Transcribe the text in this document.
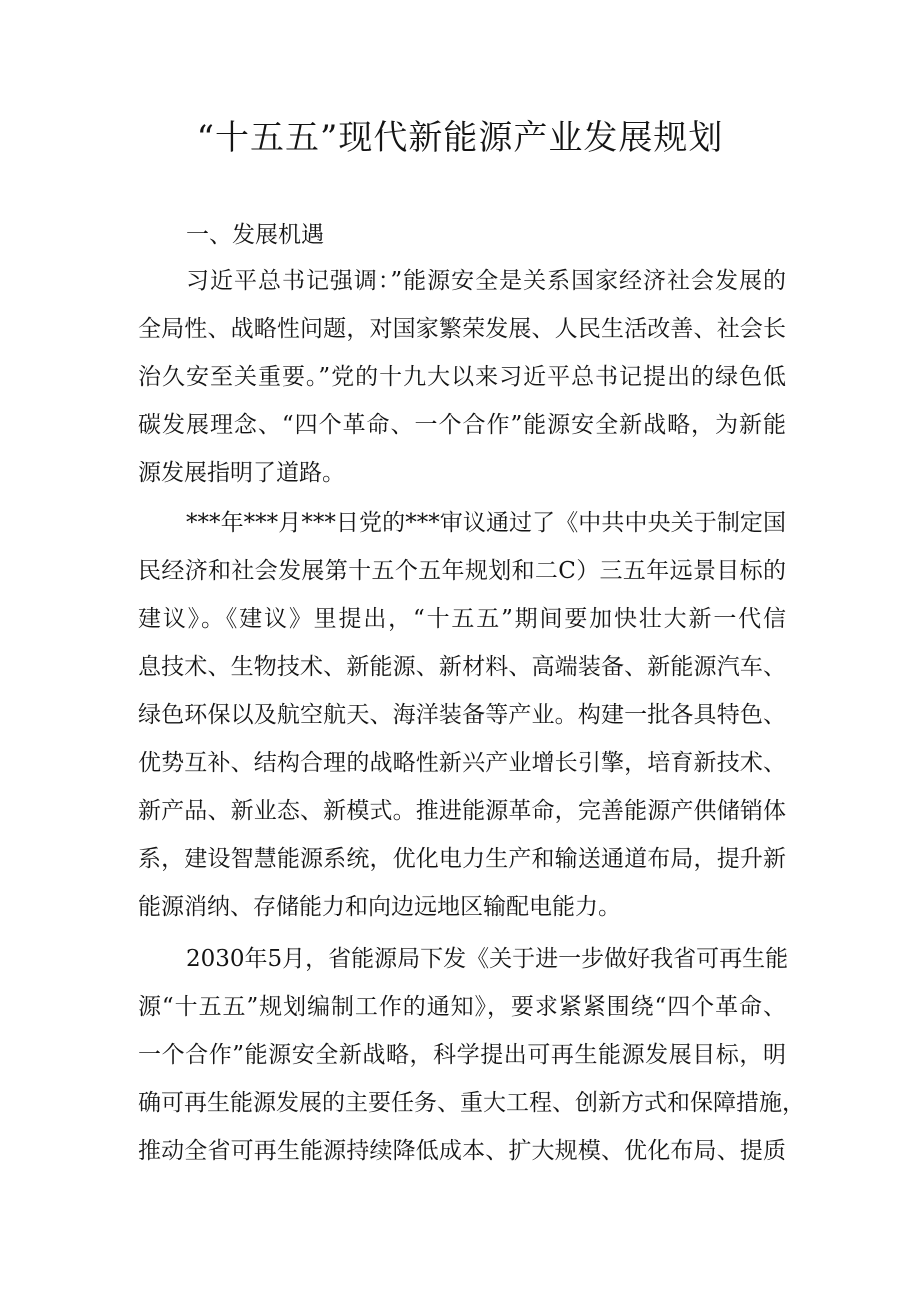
“十五五”现代新能源产业发展规划

一、发展机遇

习近平总书记强调：”能源安全是关系国家经济社会发展的

全局性、战略性问题，对国家繁荣发展、人民生活改善、社会长

治久安至关重要。”党的十九大以来习近平总书记提出的绿色低

碳发展理念、“四个革命、一个合作”能源安全新战略，为新能

源发展指明了道路。

***年***月***日党的***审议通过了《中共中央关于制定国

民经济和社会发展第十五个五年规划和二C）三五年远景目标的

建议》。《建议》里提出，“十五五”期间要加快壮大新一代信

息技术、生物技术、新能源、新材料、高端装备、新能源汽车、

绿色环保以及航空航天、海洋装备等产业。构建一批各具特色、

优势互补、结构合理的战略性新兴产业增长引擎，培育新技术、

新产品、新业态、新模式。推进能源革命，完善能源产供储销体

系，建设智慧能源系统，优化电力生产和输送通道布局，提升新

能源消纳、存储能力和向边远地区输配电能力。

2030年5月，省能源局下发《关于进一步做好我省可再生能

源“十五五”规划编制工作的通知》，要求紧紧围绕“四个革命、

一个合作”能源安全新战略，科学提出可再生能源发展目标，明

确可再生能源发展的主要任务、重大工程、创新方式和保障措施，

推动全省可再生能源持续降低成本、扩大规模、优化布局、提质
